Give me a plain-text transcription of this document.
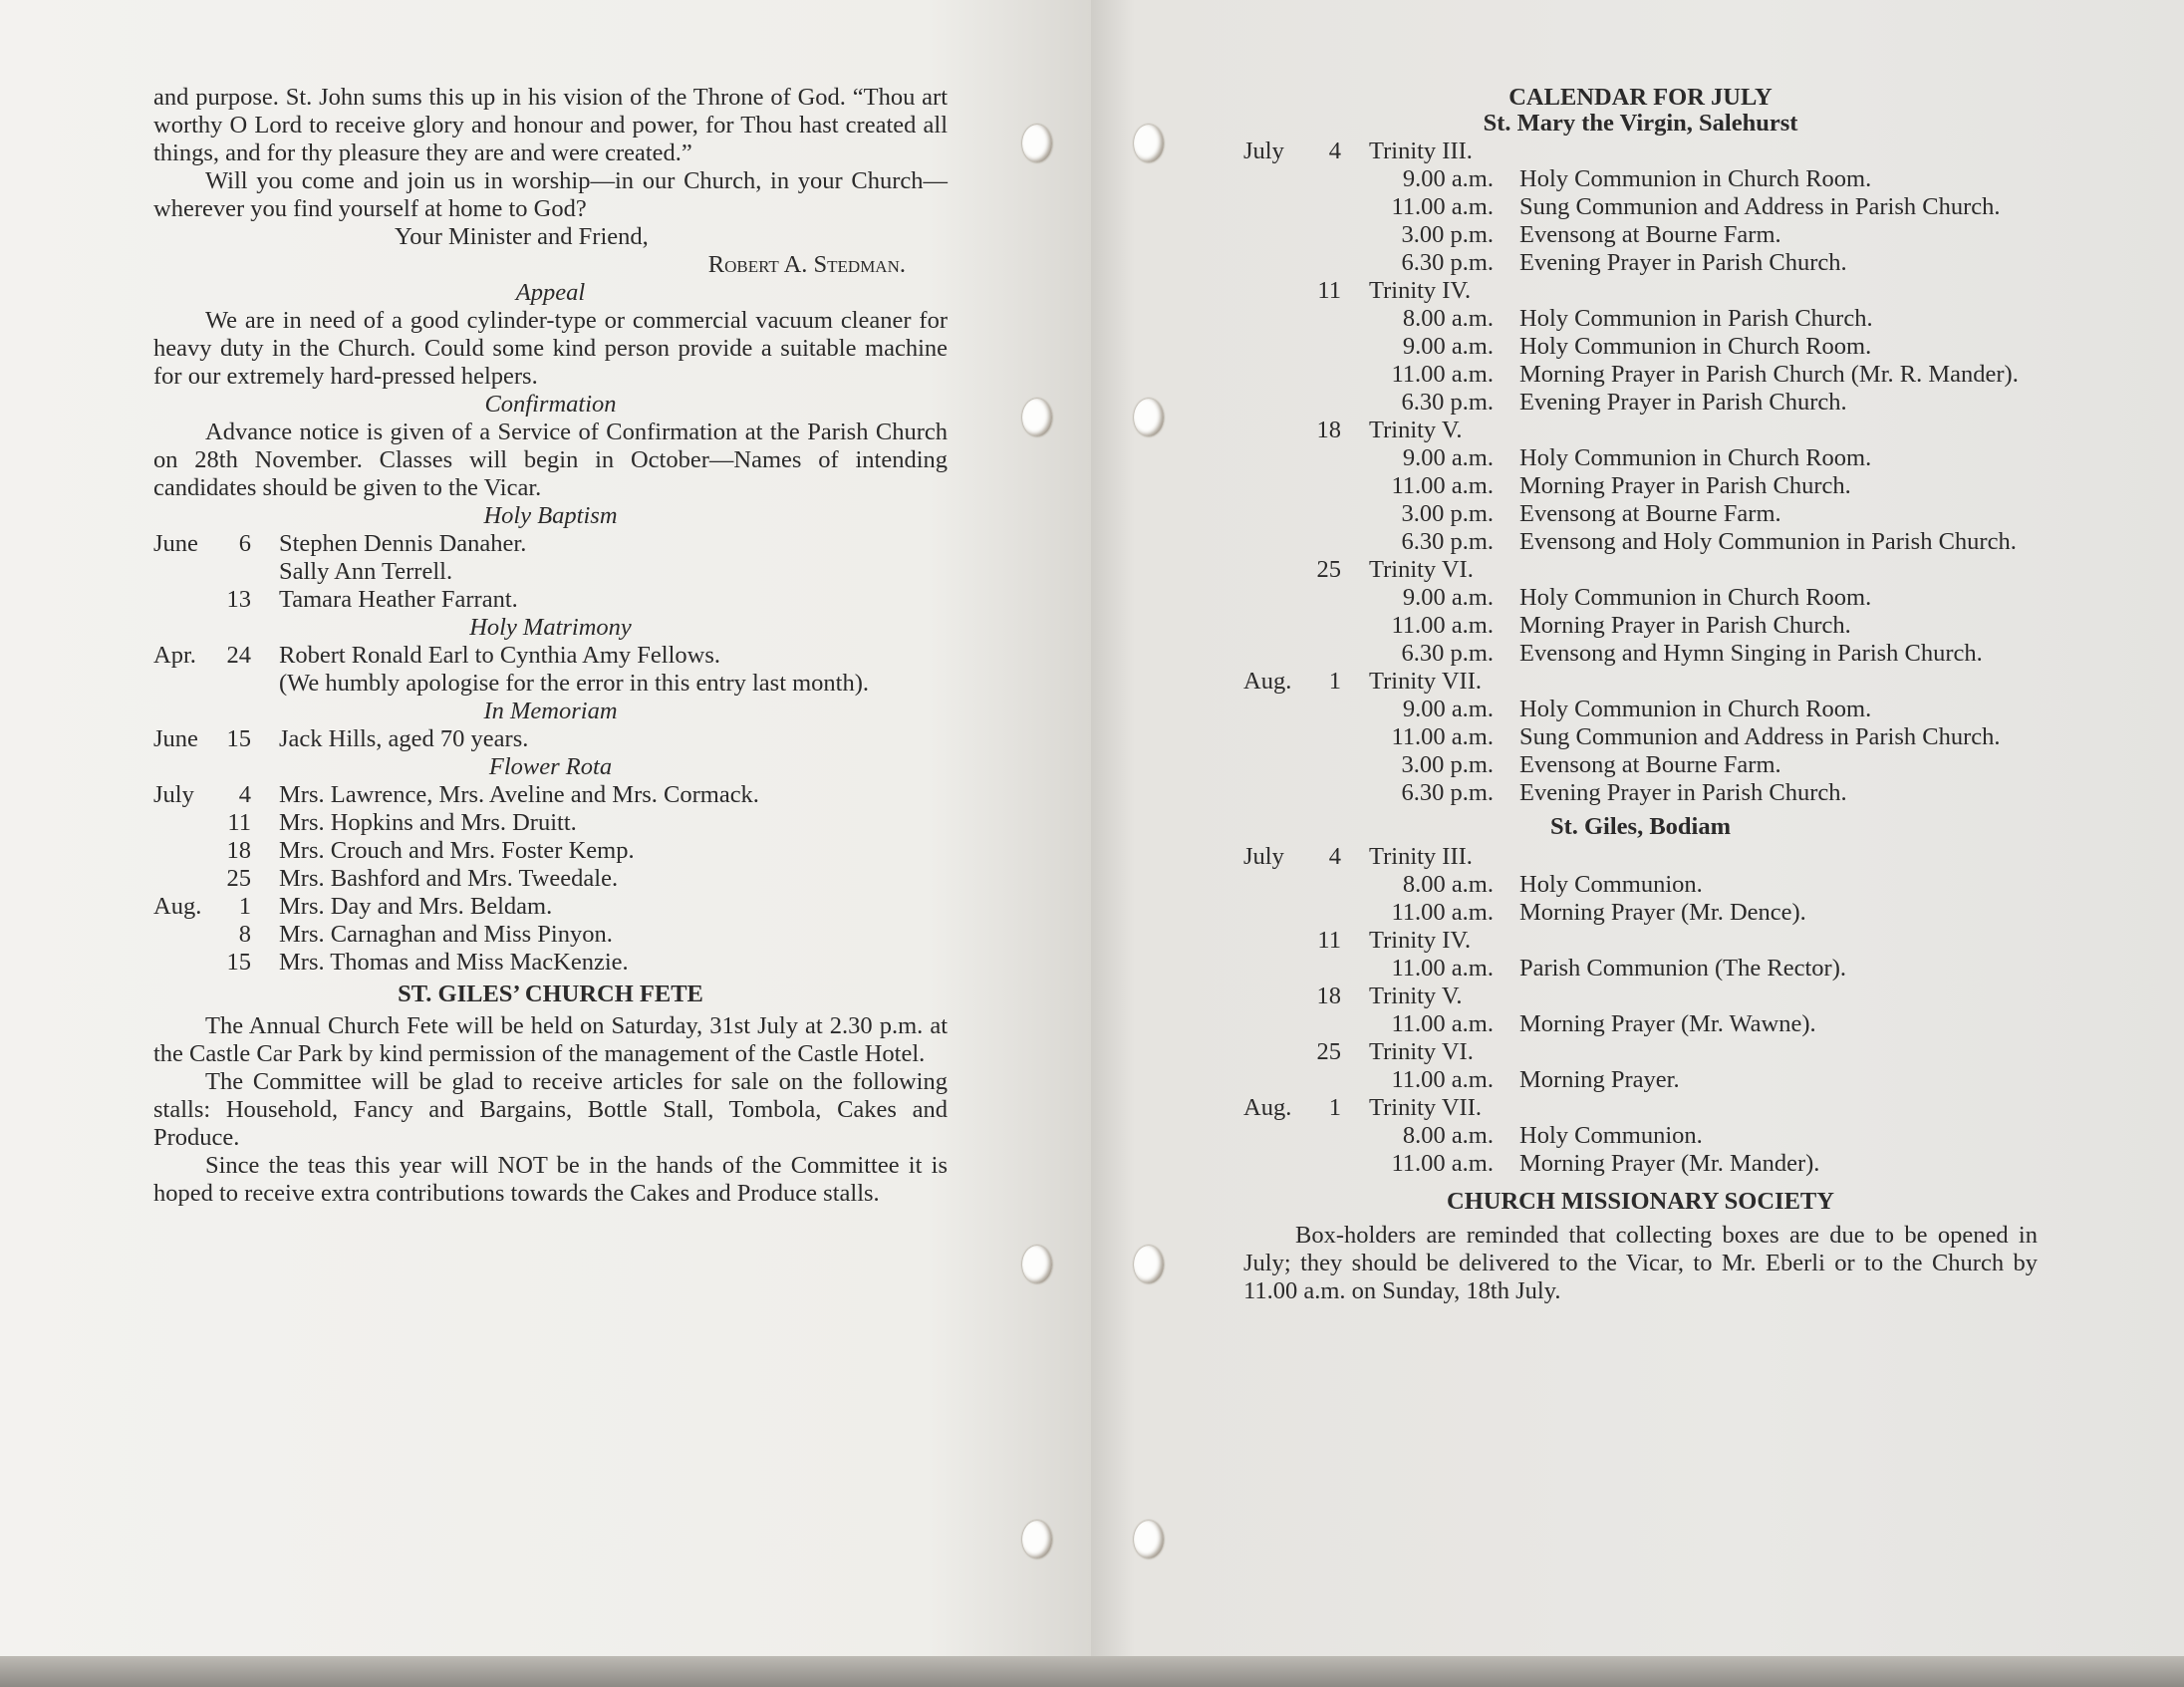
and purpose. St. John sums this up in his vision of the Throne of God. “Thou art worthy O Lord to receive glory and honour and power, for Thou hast created all things, and for thy pleasure they are and were created.”

Will you come and join us in worship—in our Church, in your Church—wherever you find yourself at home to God?

Your Minister and Friend,
Robert A. Stedman.
Appeal

We are in need of a good cylinder-type or commercial vacuum cleaner for heavy duty in the Church. Could some kind person provide a suitable machine for our extremely hard-pressed helpers.

Confirmation

Advance notice is given of a Service of Confirmation at the Parish Church on 28th November. Classes will begin in October—Names of intending candidates should be given to the Vicar.

Holy Baptism
June	6 Stephen Dennis Danaher.
Sally Ann Terrell.
13 Tamara Heather Farrant.
Holy Matrimony
Apr.	24 Robert Ronald Earl to Cynthia Amy Fellows.
(We humbly apologise for the error in this entry last month).
In Memoriam
June	15 Jack Hills, aged 70 years.
Flower Rota
July	4 Mrs. Lawrence, Mrs. Aveline and Mrs. Cormack.
11 Mrs. Hopkins and Mrs. Druitt.
18 Mrs. Crouch and Mrs. Foster Kemp.
25 Mrs. Bashford and Mrs. Tweedale.
Aug.	1 Mrs. Day and Mrs. Beldam.
8 Mrs. Carnaghan and Miss Pinyon.
15 Mrs. Thomas and Miss MacKenzie.
ST. GILES’ CHURCH FETE

The Annual Church Fete will be held on Saturday, 31st July at 2.30 p.m. at the Castle Car Park by kind permission of the management of the Castle Hotel.

The Committee will be glad to receive articles for sale on the following stalls: Household, Fancy and Bargains, Bottle Stall, Tombola, Cakes and Produce.

Since the teas this year will NOT be in the hands of the Committee it is hoped to receive extra contributions towards the Cakes and Produce stalls.

CALENDAR FOR JULY
St. Mary the Virgin, Salehurst
July	4 Trinity III.
9.00 a.m. Holy Communion in Church Room.
11.00 a.m. Sung Communion and Address in Parish Church.
3.00 p.m. Evensong at Bourne Farm.
6.30 p.m. Evening Prayer in Parish Church.
11 Trinity IV.
8.00 a.m. Holy Communion in Parish Church.
9.00 a.m. Holy Communion in Church Room.
11.00 a.m. Morning Prayer in Parish Church (Mr. R. Mander).
6.30 p.m. Evening Prayer in Parish Church.
18 Trinity V.
9.00 a.m. Holy Communion in Church Room.
11.00 a.m. Morning Prayer in Parish Church.
3.00 p.m. Evensong at Bourne Farm.
6.30 p.m. Evensong and Holy Communion in Parish Church.
25 Trinity VI.
9.00 a.m. Holy Communion in Church Room.
11.00 a.m. Morning Prayer in Parish Church.
6.30 p.m. Evensong and Hymn Singing in Parish Church.
Aug.	1 Trinity VII.
9.00 a.m. Holy Communion in Church Room.
11.00 a.m. Sung Communion and Address in Parish Church.
3.00 p.m. Evensong at Bourne Farm.
6.30 p.m. Evening Prayer in Parish Church.
St. Giles, Bodiam
July	4 Trinity III.
8.00 a.m. Holy Communion.
11.00 a.m. Morning Prayer (Mr. Dence).
11 Trinity IV.
11.00 a.m. Parish Communion (The Rector).
18 Trinity V.
11.00 a.m. Morning Prayer (Mr. Wawne).
25 Trinity VI.
11.00 a.m. Morning Prayer.
Aug.	1 Trinity VII.
8.00 a.m. Holy Communion.
11.00 a.m. Morning Prayer (Mr. Mander).
CHURCH MISSIONARY SOCIETY

Box-holders are reminded that collecting boxes are due to be opened in July; they should be delivered to the Vicar, to Mr. Eberli or to the Church by 11.00 a.m. on Sunday, 18th July.
